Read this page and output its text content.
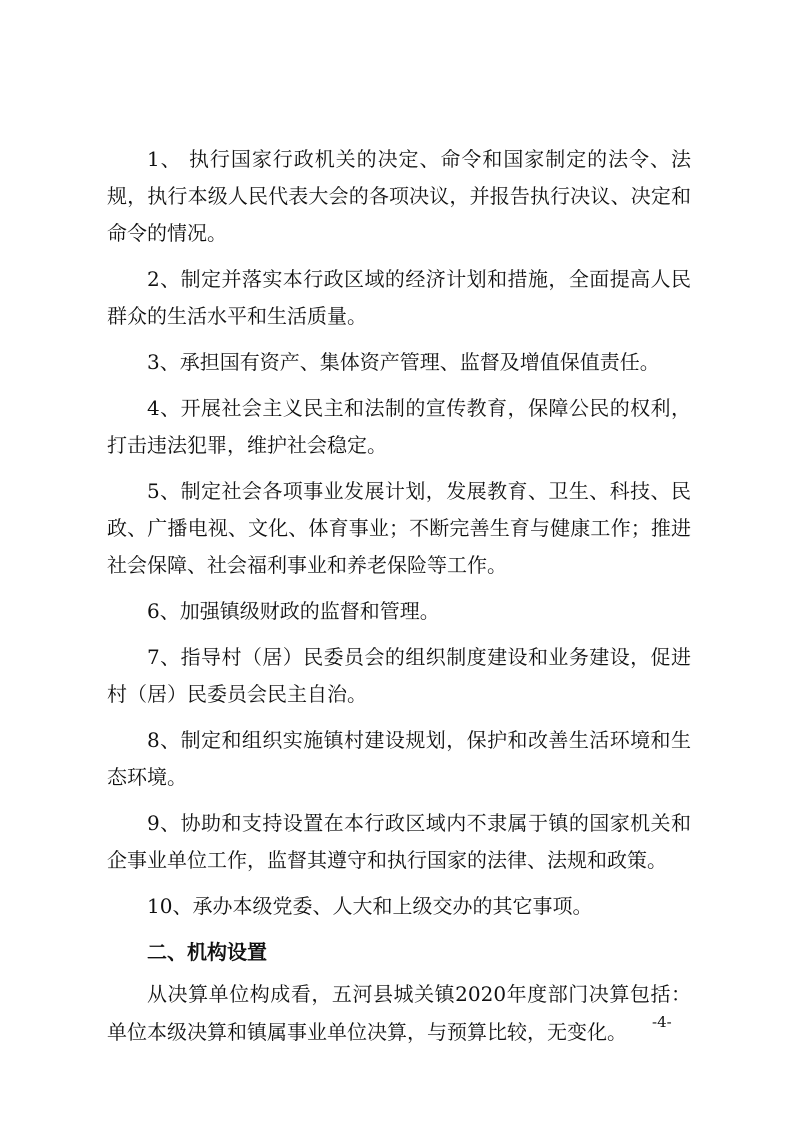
1、 执行国家行政机关的决定、命令和国家制定的法令、法规，执行本级人民代表大会的各项决议，并报告执行决议、决定和命令的情况。

2、制定并落实本行政区域的经济计划和措施，全面提高人民群众的生活水平和生活质量。

3、承担国有资产、集体资产管理、监督及增值保值责任。

4、开展社会主义民主和法制的宣传教育，保障公民的权利，打击违法犯罪，维护社会稳定。

5、制定社会各项事业发展计划，发展教育、卫生、科技、民政、广播电视、文化、体育事业；不断完善生育与健康工作；推进社会保障、社会福利事业和养老保险等工作。

6、加强镇级财政的监督和管理。

7、指导村（居）民委员会的组织制度建设和业务建设，促进村（居）民委员会民主自治。

8、制定和组织实施镇村建设规划，保护和改善生活环境和生态环境。

9、协助和支持设置在本行政区域内不隶属于镇的国家机关和企事业单位工作，监督其遵守和执行国家的法律、法规和政策。

10、承办本级党委、人大和上级交办的其它事项。

二、机构设置

从决算单位构成看，五河县城关镇2020年度部门决算包括：单位本级决算和镇属事业单位决算，与预算比较，无变化。	-4-
